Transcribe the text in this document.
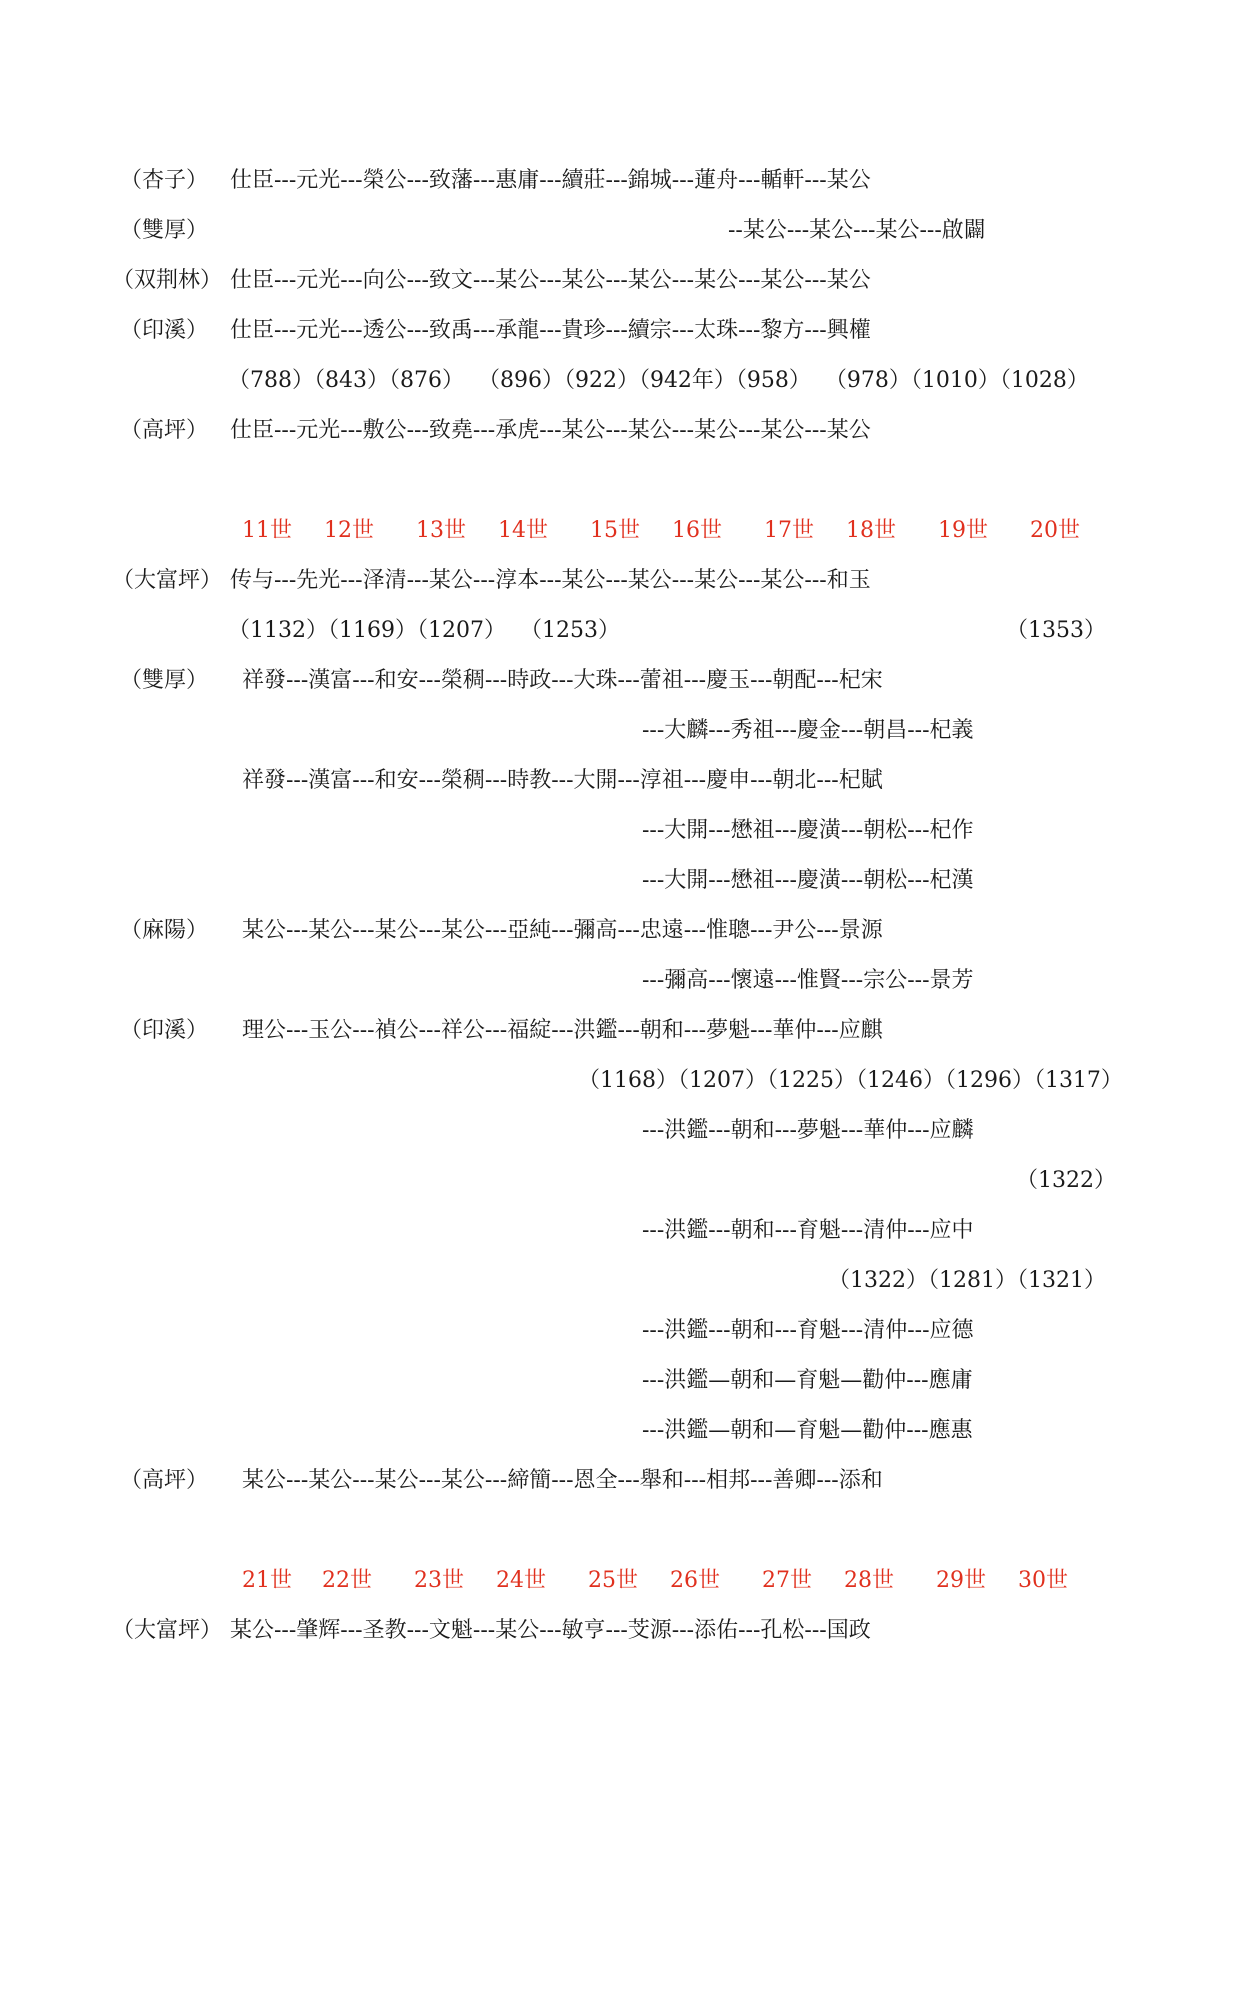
（杏子）

仕臣---元光---榮公---致藩---惠庸---續莊---錦城---蓮舟---輴軒---某公

（雙厚）

	--某公---某公---某公---啟闢

（双荆林）

仕臣---元光---向公---致文---某公---某公---某公---某公---某公---某公

（印溪）

仕臣---元光---透公---致禹---承龍---貴珍---續宗---太珠---黎方---興權

（788）（843）（876）  （896）（922）（942年）（958）  （978）（1010）（1028）

（高坪）

仕臣---元光---敷公---致堯---承虎---某公---某公---某公---某公---某公

11世

12世

13世

14世

15世

16世

17世

18世

19世

20世

（大富坪）

传与---先光---泽清---某公---淳本---某公---某公---某公---某公---和玉

（1132）（1169）（1207）  （1253）

	（1353）

（雙厚）

祥發---漢富---和安---榮稠---時政---大珠---蕾祖---慶玉---朝配---杞宋

---大麟---秀祖---慶金---朝昌---杞義

祥發---漢富---和安---榮稠---時教---大開---淳祖---慶申---朝北---杞賦

---大開---懋祖---慶潢---朝松---杞作

---大開---懋祖---慶潢---朝松---杞漢

（麻陽）

某公---某公---某公---某公---亞純---彌高---忠遠---惟聰---尹公---景源

---彌高---懷遠---惟賢---宗公---景芳

（印溪）

理公---玉公---禎公---祥公---福綻---洪鑑---朝和---夢魁---華仲---应麒

（1168）（1207）（1225）（1246）（1296）（1317）

---洪鑑---朝和---夢魁---華仲---应麟

（1322）

---洪鑑---朝和---育魁---清仲---应中

（1322）（1281）（1321）

---洪鑑---朝和---育魁---清仲---应德

---洪鑑—朝和—育魁—勸仲---應庸

---洪鑑—朝和—育魁—勸仲---應惠

（高坪）

某公---某公---某公---某公---締簡---恩全---舉和---相邦---善卿---添和

21世

22世

23世

24世

25世

26世

27世

28世

29世

30世

（大富坪）

某公---肇辉---圣教---文魁---某公---敏亨---芠源---添佑---孔松---国政
